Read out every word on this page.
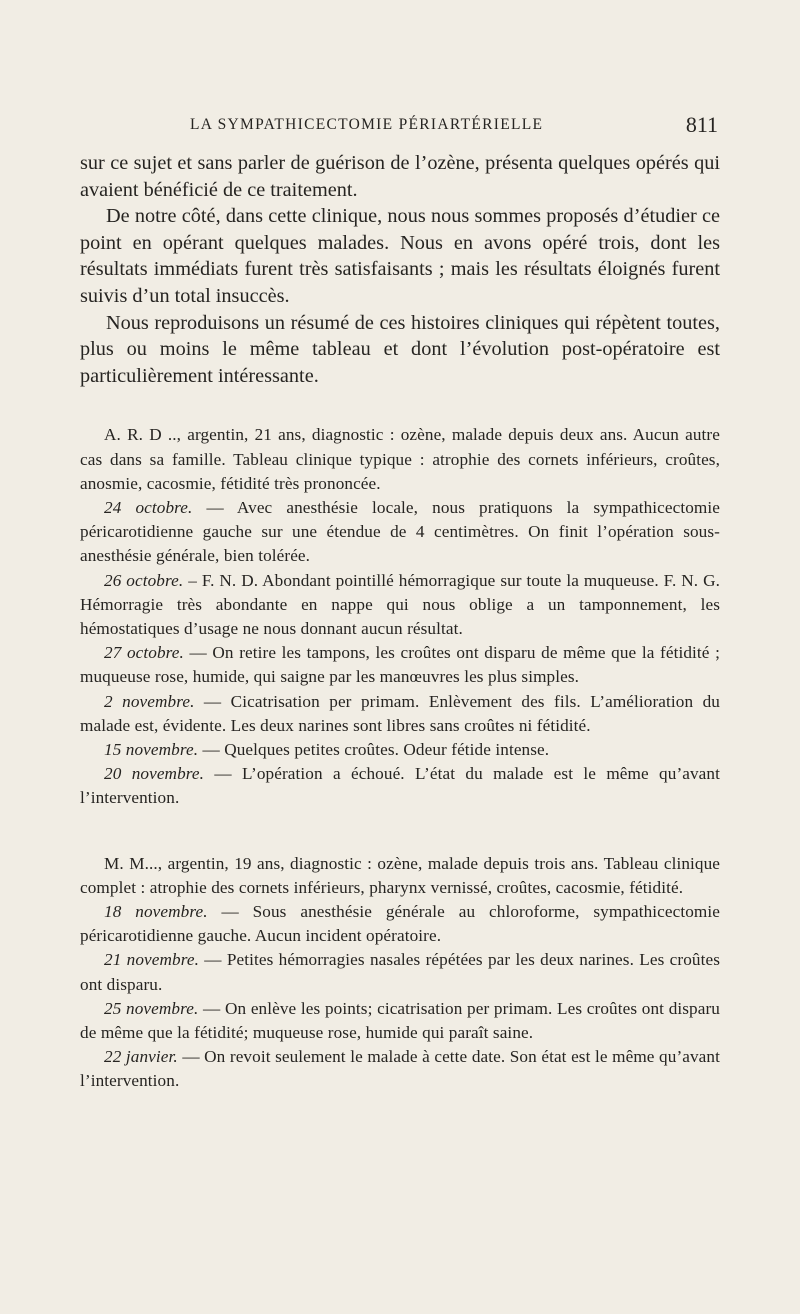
LA SYMPATHICECTOMIE PÉRIARTÉRIELLE	811

sur ce sujet et sans parler de guérison de l’ozène, présenta quelques opérés qui avaient bénéficié de ce traitement.

De notre côté, dans cette clinique, nous nous sommes proposés d’étudier ce point en opérant quelques malades. Nous en avons opéré trois, dont les résultats immédiats furent très satisfaisants ; mais les résultats éloignés furent suivis d’un total insuccès.

Nous reproduisons un résumé de ces histoires cliniques qui répètent toutes, plus ou moins le même tableau et dont l’évolution post-opératoire est particulièrement intéressante.

A. R. D .., argentin, 21 ans, diagnostic : ozène, malade depuis deux ans. Aucun autre cas dans sa famille. Tableau clinique typique : atrophie des cornets inférieurs, croûtes, anosmie, cacosmie, fétidité très prononcée.

24 octobre. — Avec anesthésie locale, nous pratiquons la sympathicectomie péricarotidienne gauche sur une étendue de 4 centimètres. On finit l’opération sous-anesthésie générale, bien tolérée.

26 octobre. – F. N. D. Abondant pointillé hémorragique sur toute la muqueuse. F. N. G. Hémorragie très abondante en nappe qui nous oblige a un tamponnement, les hémostatiques d’usage ne nous donnant aucun résultat.

27 octobre. — On retire les tampons, les croûtes ont disparu de même que la fétidité ; muqueuse rose, humide, qui saigne par les manœuvres les plus simples.

2 novembre. — Cicatrisation per primam. Enlèvement des fils. L’amélioration du malade est, évidente. Les deux narines sont libres sans croûtes ni fétidité.

15 novembre. — Quelques petites croûtes. Odeur fétide intense.

20 novembre. — L’opération a échoué. L’état du malade est le même qu’avant l’intervention.

M. M..., argentin, 19 ans, diagnostic : ozène, malade depuis trois ans. Tableau clinique complet : atrophie des cornets inférieurs, pharynx vernissé, croûtes, cacosmie, fétidité.

18 novembre. — Sous anesthésie générale au chloroforme, sympathicectomie péricarotidienne gauche. Aucun incident opératoire.

21 novembre. — Petites hémorragies nasales répétées par les deux narines. Les croûtes ont disparu.

25 novembre. — On enlève les points; cicatrisation per primam. Les croûtes ont disparu de même que la fétidité; muqueuse rose, humide qui paraît saine.

22 janvier. — On revoit seulement le malade à cette date. Son état est le même qu’avant l’intervention.
